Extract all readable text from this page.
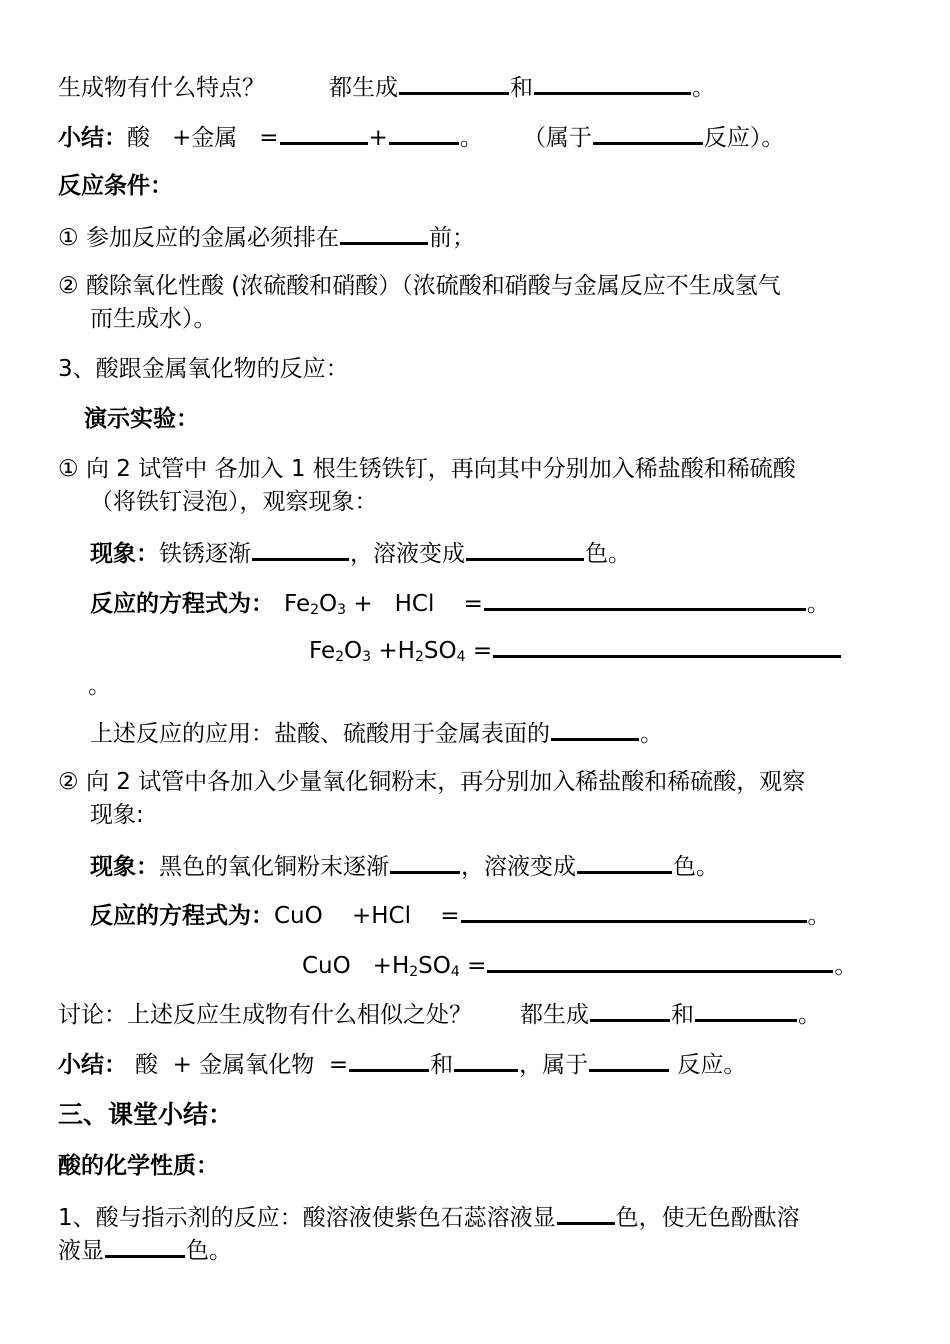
生成物有什么特点？	都生成	和	。
小结：酸 +金属 =	+	。 （属于	反应）。
反应条件：
① 参加反应的金属必须排在	前；
② 酸除氧化性酸 (浓硫酸和硝酸）（浓硫酸和硝酸与金属反应不生成氢气
而生成水）。
3、酸跟金属氧化物的反应：
演示实验：
① 向 2 试管中 各加入 1 根生锈铁钉，再向其中分别加入稀盐酸和稀硫酸
（将铁钉浸泡），观察现象：
现象：铁锈逐渐	，溶液变成	色。
反应的方程式为： $Fe_2O_3$ +   HCl    =	。
$Fe_2O_3 +H_2SO_4$ =
。
上述反应的应用：盐酸、硫酸用于金属表面的	。
② 向 2 试管中各加入少量氧化铜粉末，再分别加入稀盐酸和稀硫酸，观察
现象:
现象：黑色的氧化铜粉末逐渐	，溶液变成	色。
反应的方程式为：CuO    +HCl    =	。
CuO   $+H_2SO_4$ =	。
讨论：上述反应生成物有什么相似之处？ 都生成	和	。
小结： 酸  + 金属氧化物  =	和	，属于	反应。
三、课堂小结：
酸的化学性质：
1、酸与指示剂的反应：酸溶液使紫色石蕊溶液显	色，使无色酚酞溶
液显	色。
